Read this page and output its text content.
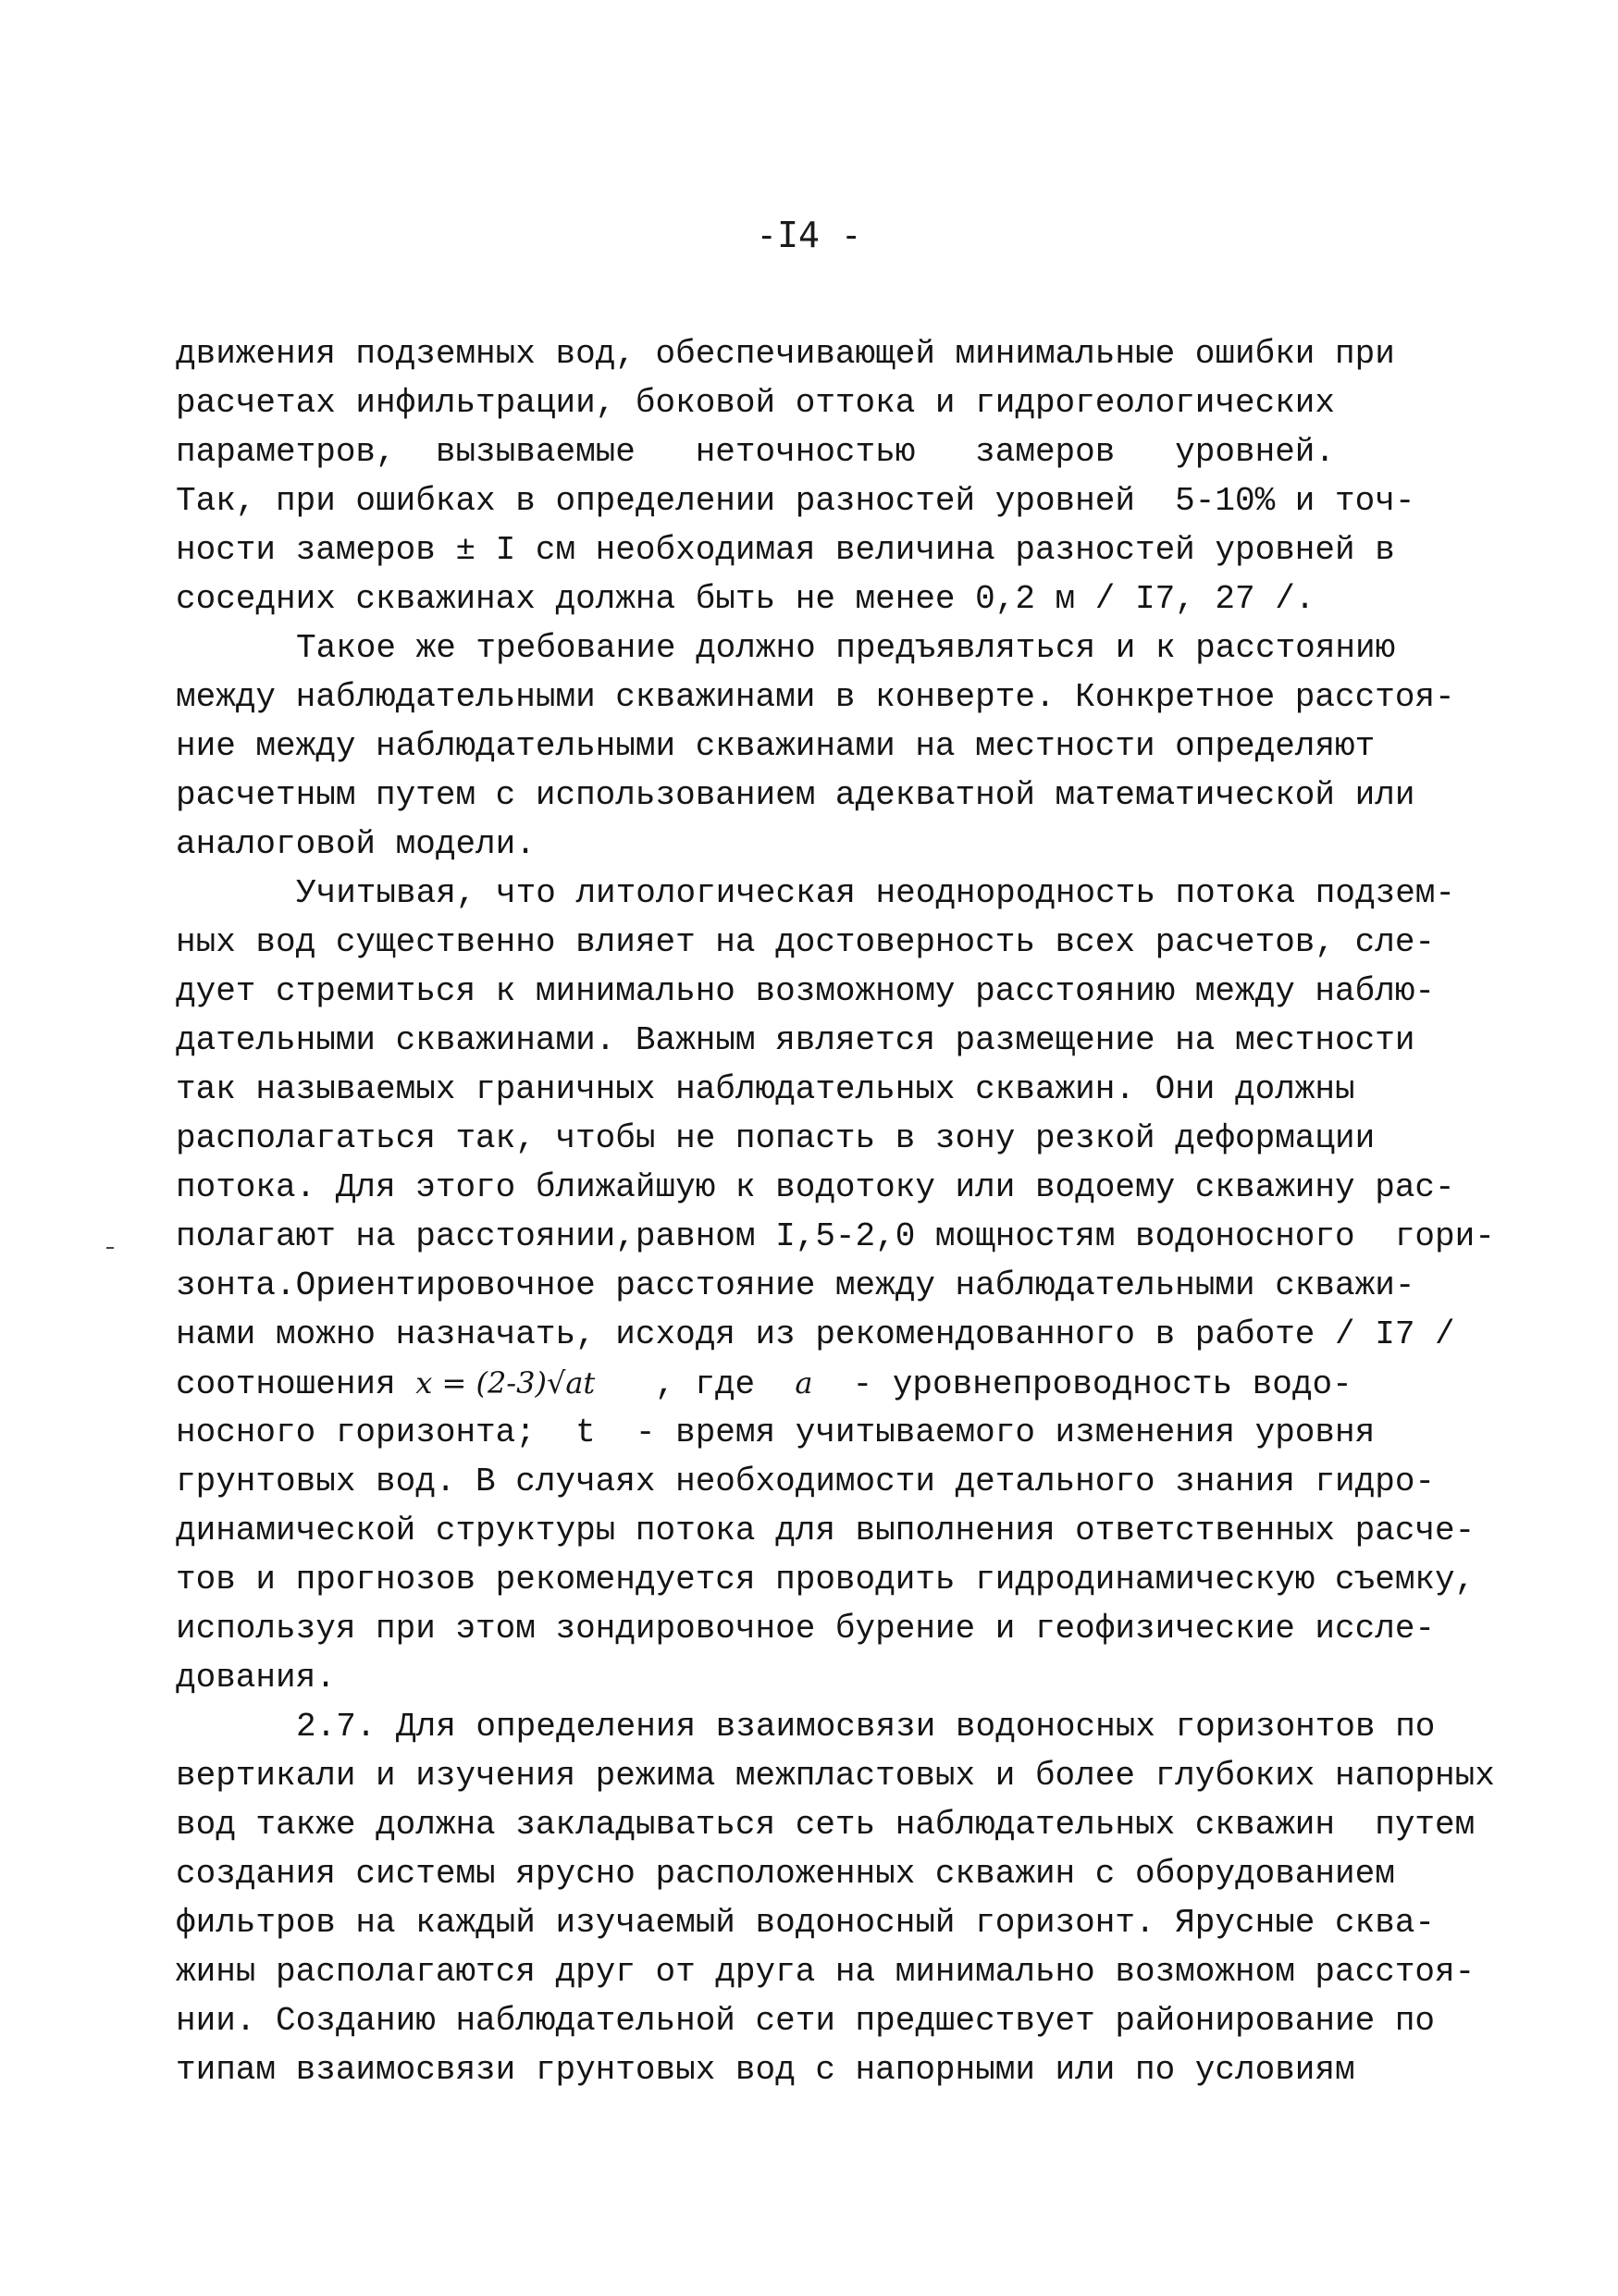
-I4 -
движения подземных вод, обеспечивающей минимальные ошибки при
расчетах инфильтрации, боковой оттока и гидрогеологических
параметров,  вызываемые   неточностью   замеров   уровней.
Так, при ошибках в определении разностей уровней  5-10% и точ-
ности замеров ± I см необходимая величина разностей уровней в
соседних скважинах должна быть не менее 0,2 м / I7, 27 /.
Такое же требование должно предъявляться и к расстоянию
между наблюдательными скважинами в конверте. Конкретное расстоя-
ние между наблюдательными скважинами на местности определяют
расчетным путем с использованием адекватной математической или
аналоговой модели.
Учитывая, что литологическая неоднородность потока подзем-
ных вод существенно влияет на достоверность всех расчетов, сле-
дует стремиться к минимально возможному расстоянию между наблю-
дательными скважинами. Важным является размещение на местности
так называемых граничных наблюдательных скважин. Они должны
располагаться так, чтобы не попасть в зону резкой деформации
потока. Для этого ближайшую к водотоку или водоему скважину рас-
полагают на расстоянии,равном I,5-2,0 мощностям водоносного  гори-
зонта.Ориентировочное расстояние между наблюдательными скважи-
нами можно назначать, исходя из рекомендованного в работе / I7 /
соотношения x = (2-3)√at   , где  a  - уровнепроводность водо-
носного горизонта;  t  - время учитываемого изменения уровня
грунтовых вод. В случаях необходимости детального знания гидро-
динамической структуры потока для выполнения ответственных расче-
тов и прогнозов рекомендуется проводить гидродинамическую съемку,
используя при этом зондировочное бурение и геофизические иссле-
дования.
2.7. Для определения взаимосвязи водоносных горизонтов по
вертикали и изучения режима межпластовых и более глубоких напорных
вод также должна закладываться сеть наблюдательных скважин  путем
создания системы ярусно расположенных скважин с оборудованием
фильтров на каждый изучаемый водоносный горизонт. Ярусные сква-
жины располагаются друг от друга на минимально возможном расстоя-
нии. Созданию наблюдательной сети предшествует районирование по
типам взаимосвязи грунтовых вод с напорными или по условиям
